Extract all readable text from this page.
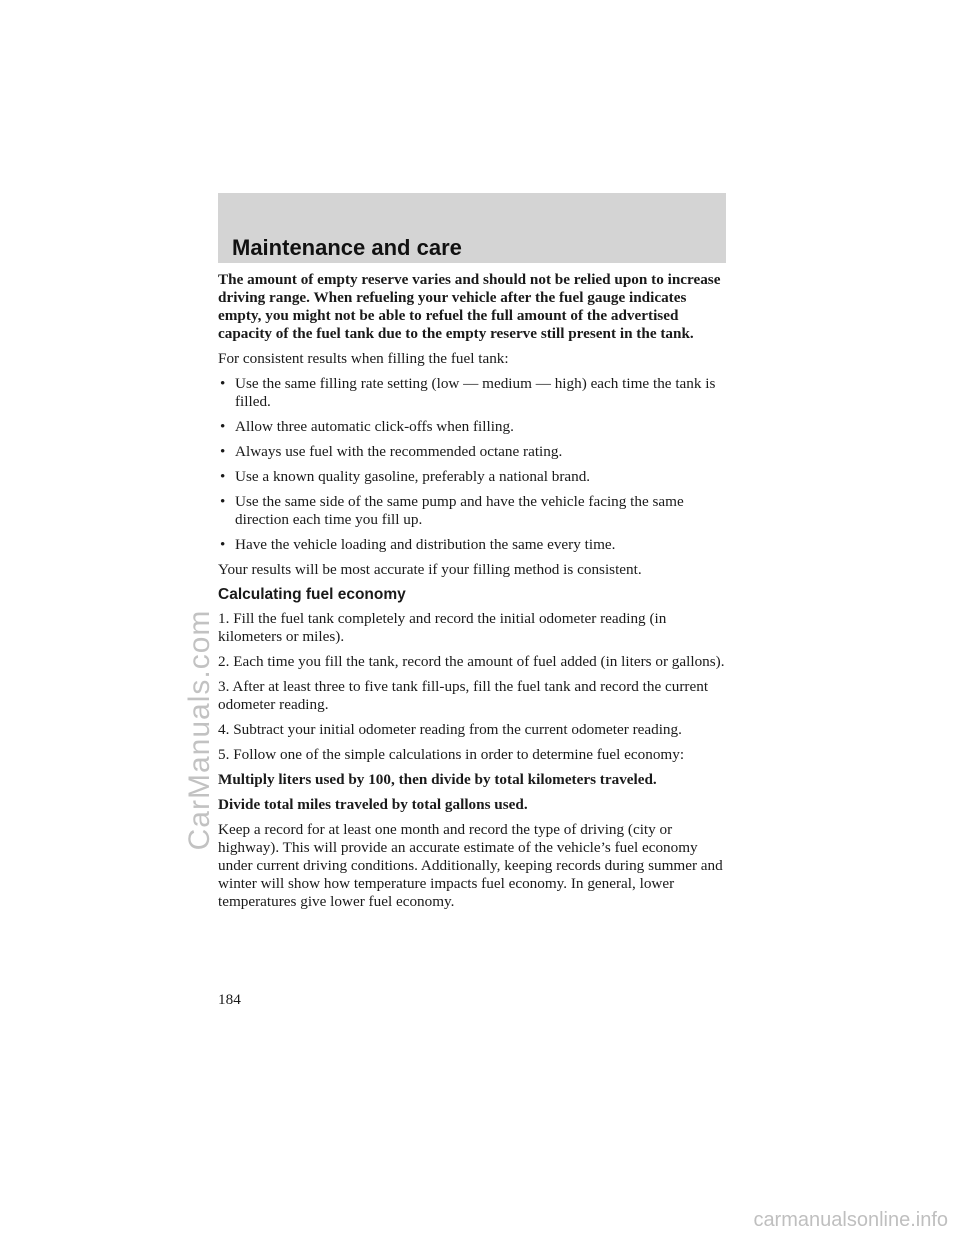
Maintenance and care

The amount of empty reserve varies and should not be relied upon to increase driving range. When refueling your vehicle after the fuel gauge indicates empty, you might not be able to refuel the full amount of the advertised capacity of the fuel tank due to the empty reserve still present in the tank.

For consistent results when filling the fuel tank:

• Use the same filling rate setting (low — medium — high) each time the tank is filled.
• Allow three automatic click-offs when filling.
• Always use fuel with the recommended octane rating.
• Use a known quality gasoline, preferably a national brand.
• Use the same side of the same pump and have the vehicle facing the same direction each time you fill up.
• Have the vehicle loading and distribution the same every time.

Your results will be most accurate if your filling method is consistent.

Calculating fuel economy

1. Fill the fuel tank completely and record the initial odometer reading (in kilometers or miles).

2. Each time you fill the tank, record the amount of fuel added (in liters or gallons).

3. After at least three to five tank fill-ups, fill the fuel tank and record the current odometer reading.

4. Subtract your initial odometer reading from the current odometer reading.

5. Follow one of the simple calculations in order to determine fuel economy:

Multiply liters used by 100, then divide by total kilometers traveled.

Divide total miles traveled by total gallons used.

Keep a record for at least one month and record the type of driving (city or highway). This will provide an accurate estimate of the vehicle’s fuel economy under current driving conditions. Additionally, keeping records during summer and winter will show how temperature impacts fuel economy. In general, lower temperatures give lower fuel economy.

184

CarManuals.com

carmanualsonline.info
